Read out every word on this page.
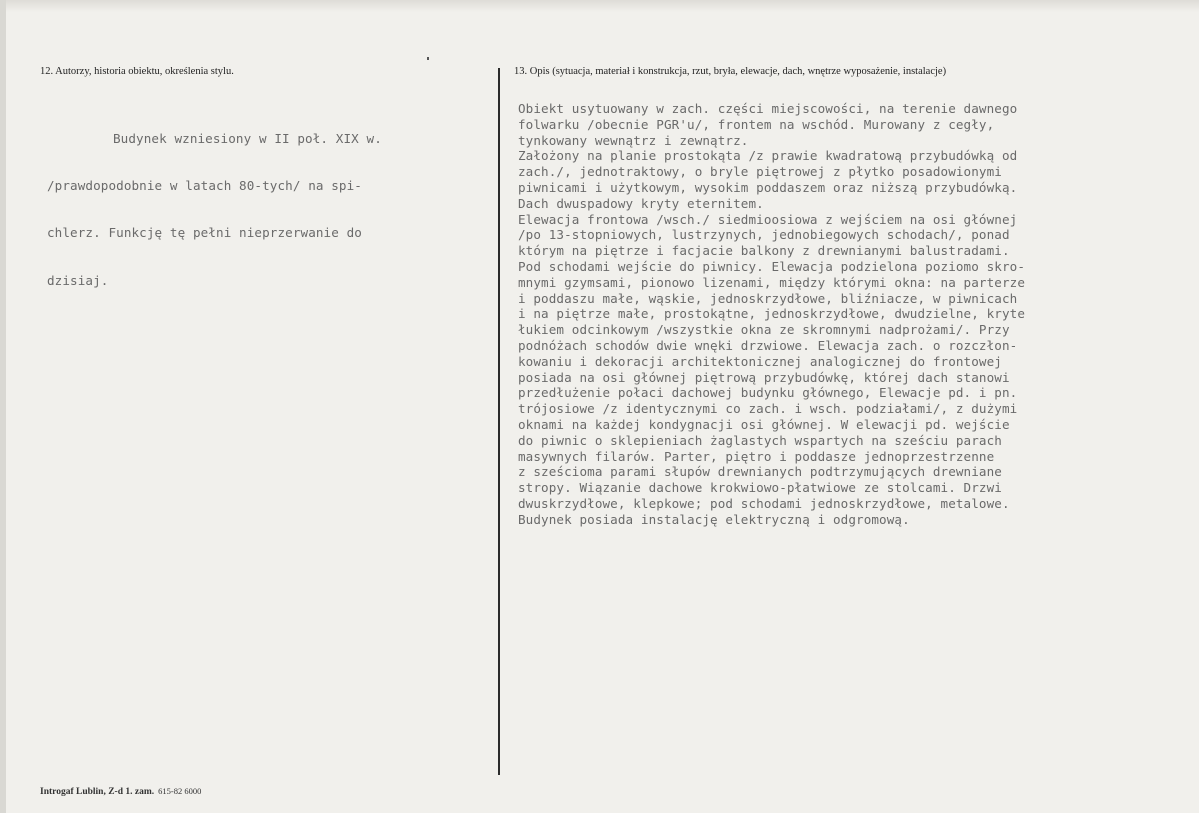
12. Autorzy, historia obiektu, określenia stylu.	13. Opis (sytuacja, materiał i konstrukcja, rzut, bryła, elewacje, dach, wnętrze wyposażenie, instalacje)

Budynek wzniesiony w II poł. XIX w.

/prawdopodobnie w latach 80-tych/ na spi-

chlerz. Funkcję tę pełni nieprzerwanie do

dzisiaj.

Obiekt usytuowany w zach. części miejscowości, na terenie dawnego
folwarku /obecnie PGR'u/, frontem na wschód. Murowany z cegły,
tynkowany wewnątrz i zewnątrz.
Założony na planie prostokąta /z prawie kwadratową przybudówką od
zach./, jednotraktowy, o bryle piętrowej z płytko posadowionymi
piwnicami i użytkowym, wysokim poddaszem oraz niższą przybudówką.
Dach dwuspadowy kryty eternitem.
Elewacja frontowa /wsch./ siedmioosiowa z wejściem na osi głównej
/po 13-stopniowych, lustrzynych, jednobiegowych schodach/, ponad
którym na piętrze i facjacie balkony z drewnianymi balustradami.
Pod schodami wejście do piwnicy. Elewacja podzielona poziomo skro-
mnymi gzymsami, pionowo lizenami, między którymi okna: na parterze
i poddaszu małe, wąskie, jednoskrzydłowe, bliźniacze, w piwnicach
i na piętrze małe, prostokątne, jednoskrzydłowe, dwudzielne, kryte
łukiem odcinkowym /wszystkie okna ze skromnymi nadprożami/. Przy
podnóżach schodów dwie wnęki drzwiowe. Elewacja zach. o rozczłon-
kowaniu i dekoracji architektonicznej analogicznej do frontowej
posiada na osi głównej piętrową przybudówkę, której dach stanowi
przedłużenie połaci dachowej budynku głównego, Elewacje pd. i pn.
trójosiowe /z identycznymi co zach. i wsch. podziałami/, z dużymi
oknami na każdej kondygnacji osi głównej. W elewacji pd. wejście
do piwnic o sklepieniach żaglastych wspartych na sześciu parach
masywnych filarów. Parter, piętro i poddasze jednoprzestrzenne
z sześcioma parami słupów drewnianych podtrzymujących drewniane
stropy. Wiązanie dachowe krokwiowo-płatwiowe ze stolcami. Drzwi
dwuskrzydłowe, klepkowe; pod schodami jednoskrzydłowe, metalowe.
Budynek posiada instalację elektryczną i odgromową.
Introgaf Lublin, Z-d 1. zam. 615-82 6000
